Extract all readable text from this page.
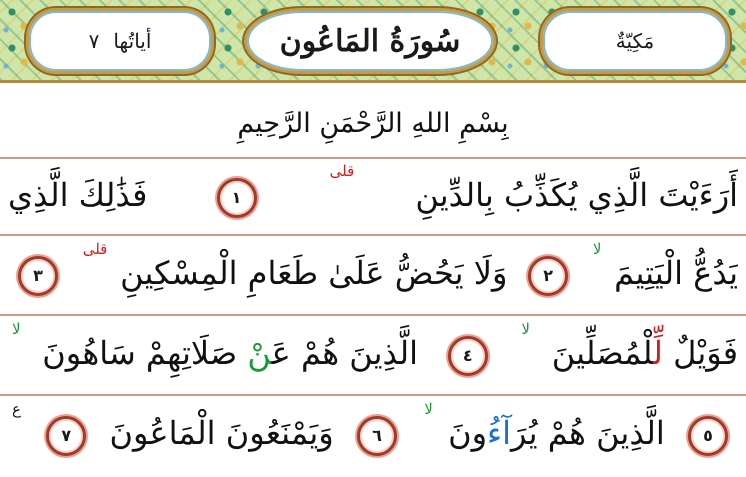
أياتُها
٧	سُورَةُ المَاعُون	مَكِيّةٌ
بِسْمِ اللهِ الرَّحْمَنِ الرَّحِيمِ
أَرَءَيْتَ الَّذِي يُكَذِّبُ بِالدِّينِ قلى ١ فَذَٰلِكَ الَّذِي
يَدُعُّ الْيَتِيمَ لا ٢ وَلَا يَحُضُّ عَلَىٰ طَعَامِ الْمِسْكِينِ قلى ٣
فَوَيْلٌ لِّلْمُصَلِّينَ لا ٤ الَّذِينَ هُمْ عَنْ صَلَاتِهِمْ سَاهُونَ لا
٥ الَّذِينَ هُمْ يُرَآءُونَ لا ٦ وَيَمْنَعُونَ الْمَاعُونَ ٧ ع
